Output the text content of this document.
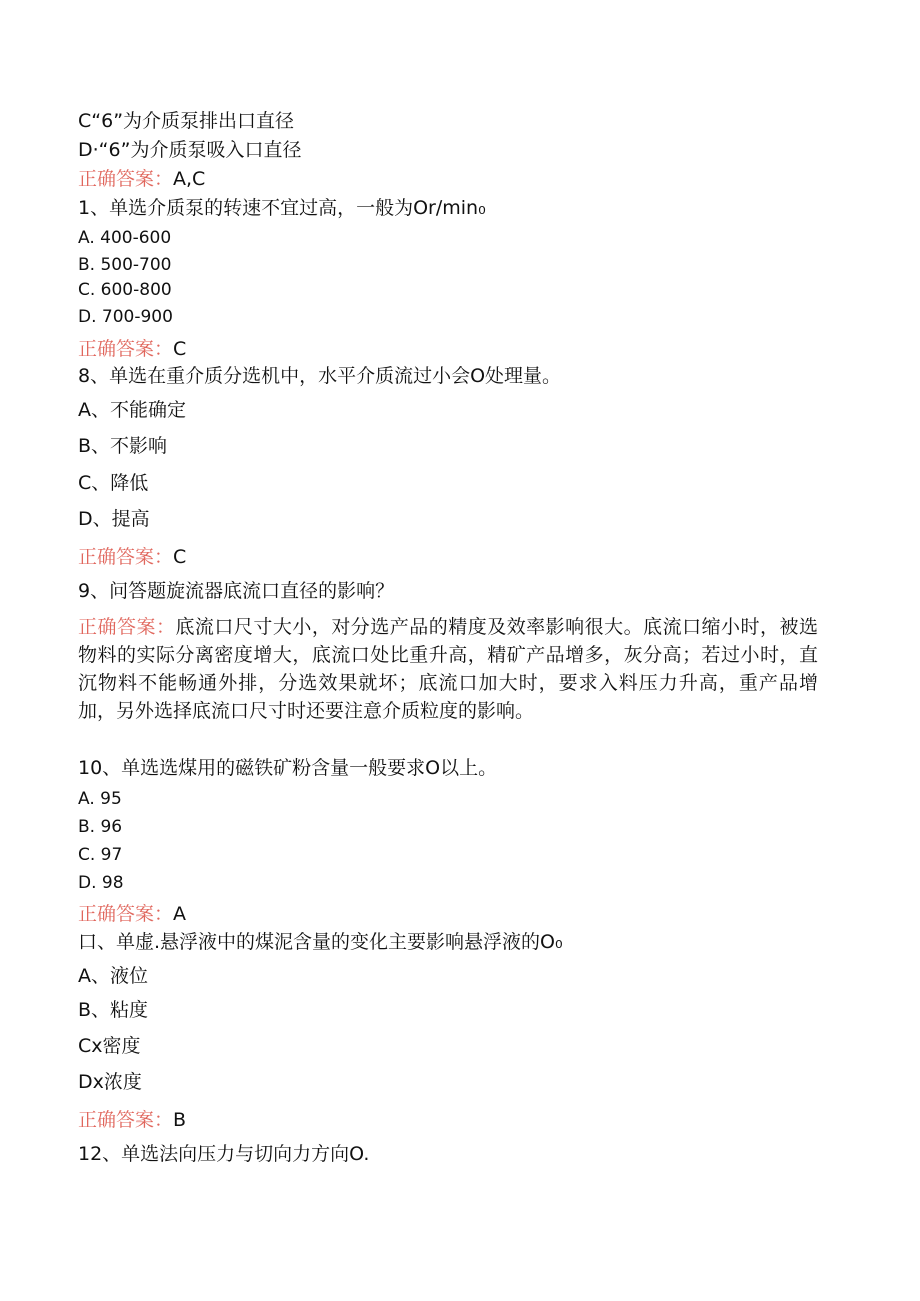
C“6”为介质泵排出口直径
D·“6”为介质泵吸入口直径
正确答案：A,C
1、单选介质泵的转速不宜过高，一般为Or∕min₀
A. 400-600
B. 500-700
C. 600-800
D. 700-900
正确答案：C
8、单选在重介质分选机中，水平介质流过小会O处理量。
A、不能确定
B、不影响
C、降低
D、提高
正确答案：C
9、问答题旋流器底流口直径的影响？
正确答案：底流口尺寸大小，对分选产品的精度及效率影响很大。底流口缩小时，被选物料的实际分离密度增大，底流口处比重升高，精矿产品增多，灰分高；若过小时，直沉物料不能畅通外排，分选效果就坏；底流口加大时，要求入料压力升高，重产品增加，另外选择底流口尺寸时还要注意介质粒度的影响。
10、单选选煤用的磁铁矿粉含量一般要求O以上。
A. 95
B. 96
C. 97
D. 98
正确答案：A
口、单虚.悬浮液中的煤泥含量的变化主要影响悬浮液的O₀
A、液位
B、粘度
Cx密度
Dx浓度
正确答案：B
12、单选法向压力与切向力方向O.
